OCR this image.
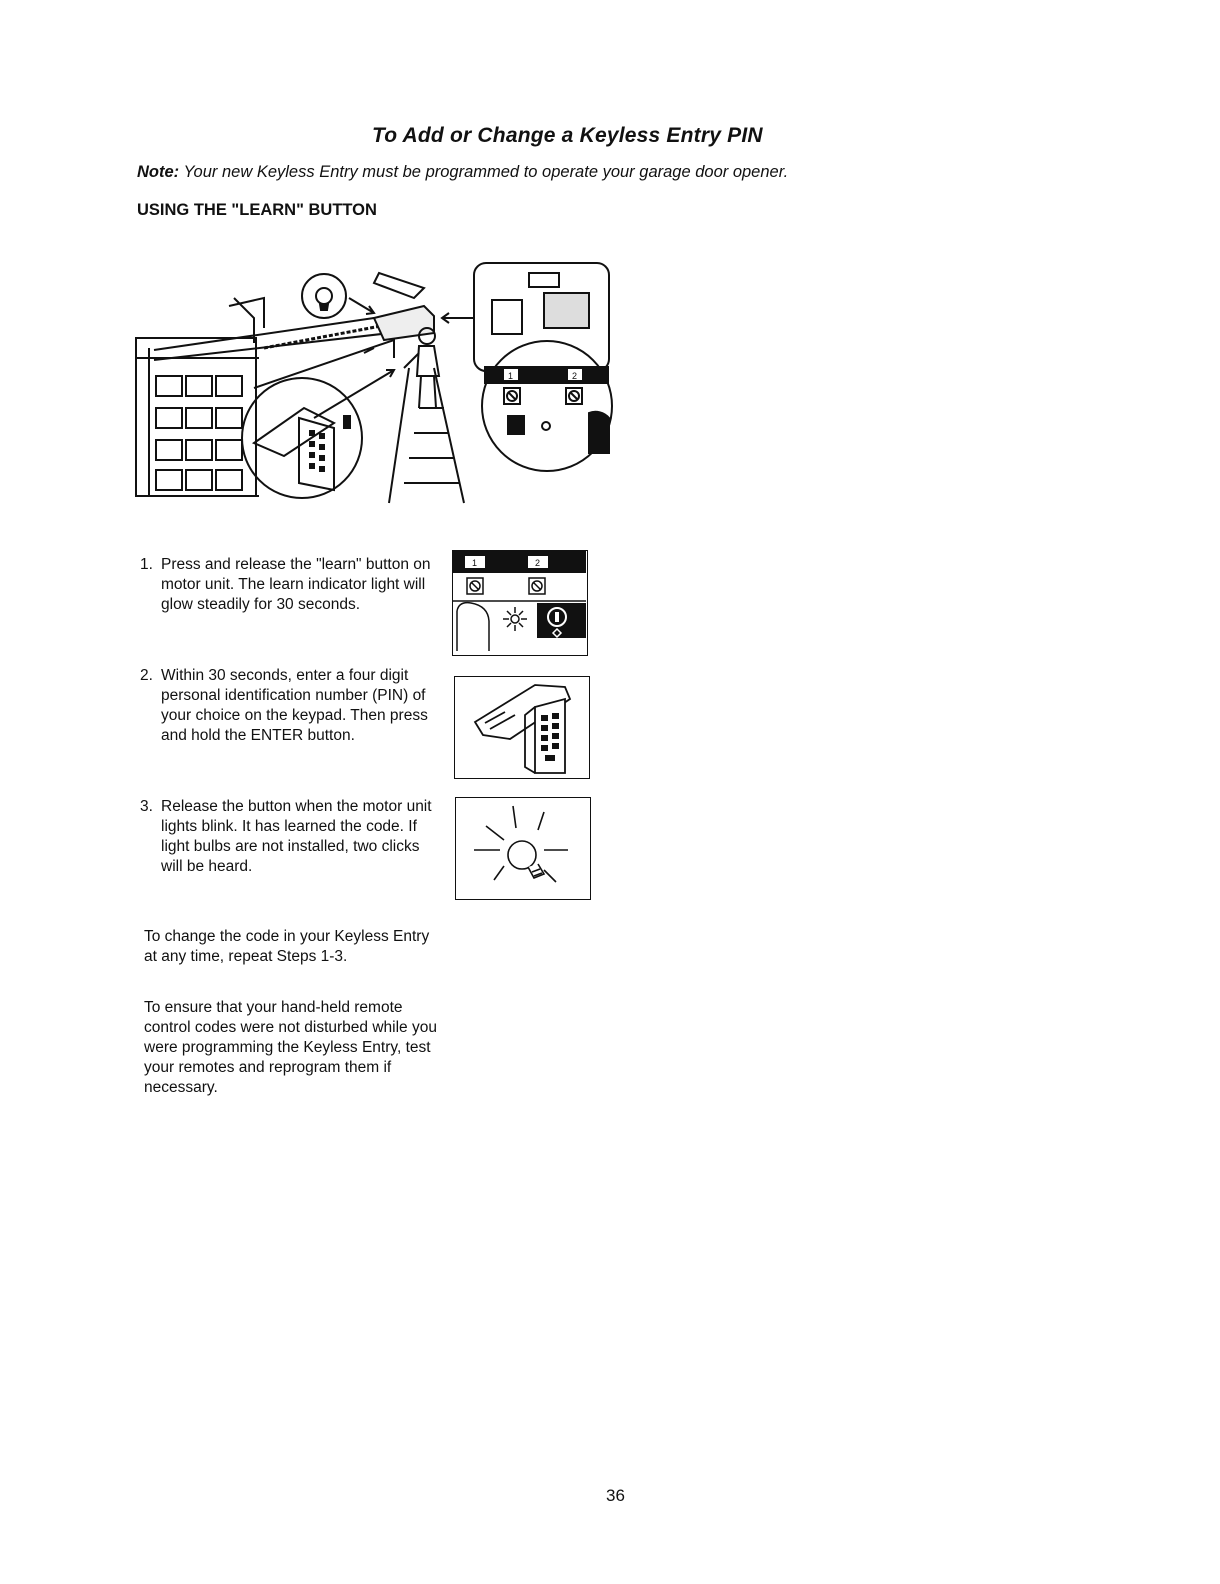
To Add or Change a Keyless Entry PIN
Note: Your new Keyless Entry must be programmed to operate your garage door opener.
USING THE "LEARN" BUTTON
1	2
1. Press and release the "learn" button on motor unit. The learn indicator light will glow steadily for 30 seconds.
1	2
2. Within 30 seconds, enter a four digit personal identification number (PIN) of your choice on the keypad. Then press and hold the ENTER button.
3. Release the button when the motor unit lights blink. It has learned the code. If light bulbs are not installed, two clicks will be heard.
To change the code in your Keyless Entry at any time, repeat Steps 1-3.
To ensure that your hand-held remote control codes were not disturbed while you were programming the Keyless Entry, test your remotes and reprogram them if necessary.
36
